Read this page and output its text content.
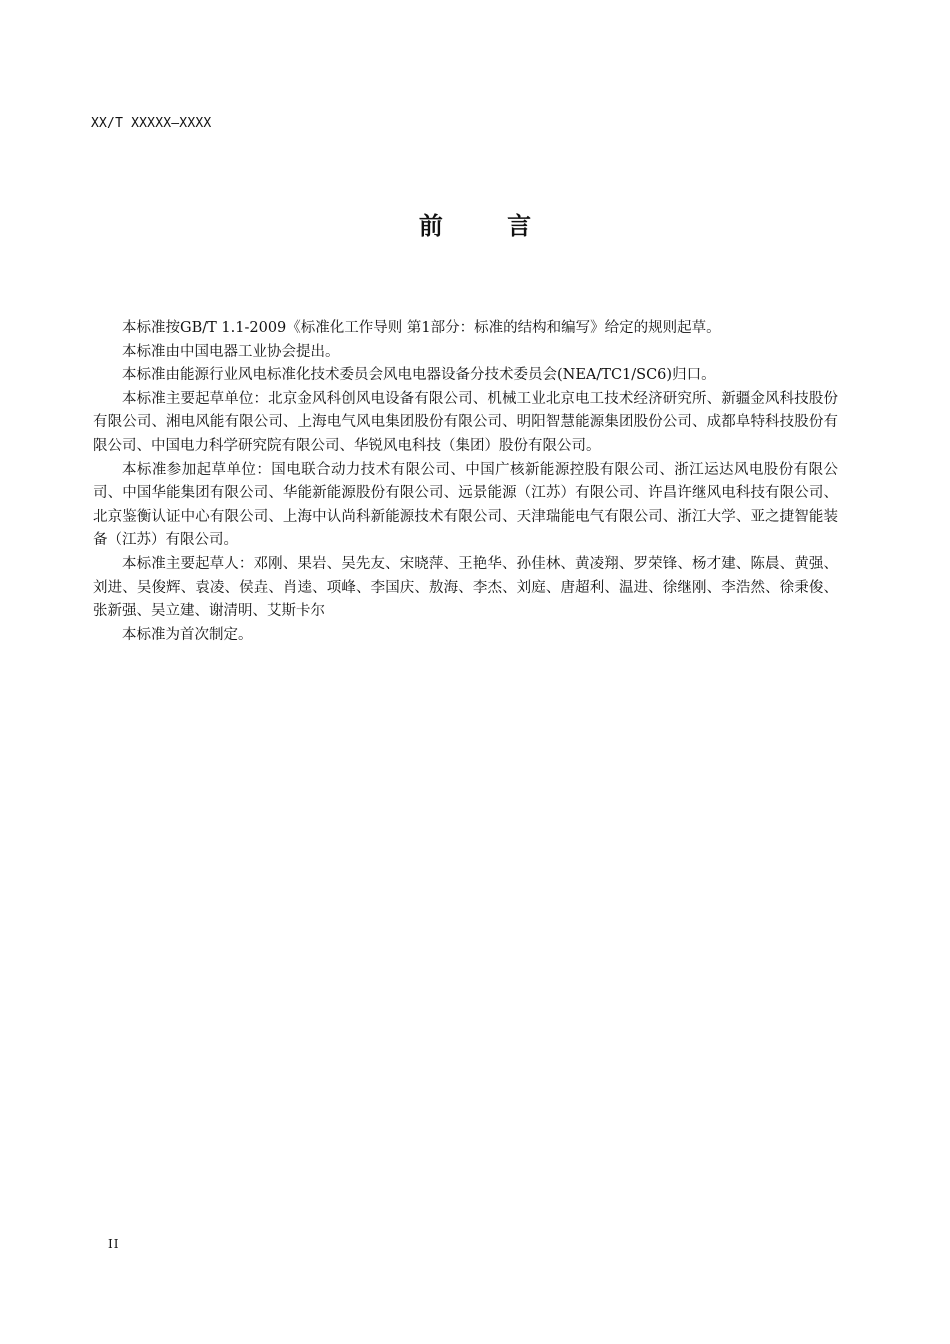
XX/T XXXXX—XXXX
前 言

本标准按GB/T 1.1-2009《标准化工作导则 第1部分：标准的结构和编写》给定的规则起草。

本标准由中国电器工业协会提出。

本标准由能源行业风电标准化技术委员会风电电器设备分技术委员会(NEA/TC1/SC6)归口。

本标准主要起草单位：北京金风科创风电设备有限公司、机械工业北京电工技术经济研究所、新疆金风科技股份有限公司、湘电风能有限公司、上海电气风电集团股份有限公司、明阳智慧能源集团股份公司、成都阜特科技股份有限公司、中国电力科学研究院有限公司、华锐风电科技（集团）股份有限公司。

本标准参加起草单位：国电联合动力技术有限公司、中国广核新能源控股有限公司、浙江运达风电股份有限公司、中国华能集团有限公司、华能新能源股份有限公司、远景能源（江苏）有限公司、许昌许继风电科技有限公司、北京鉴衡认证中心有限公司、上海中认尚科新能源技术有限公司、天津瑞能电气有限公司、浙江大学、亚之捷智能装备（江苏）有限公司。

本标准主要起草人：邓刚、果岩、吴先友、宋晓萍、王艳华、孙佳林、黄凌翔、罗荣锋、杨才建、陈晨、黄强、刘进、吴俊辉、袁凌、侯垚、肖逵、项峰、李国庆、敖海、李杰、刘庭、唐超利、温进、徐继刚、李浩然、徐秉俊、张新强、吴立建、谢清明、艾斯卡尔

本标准为首次制定。

II
